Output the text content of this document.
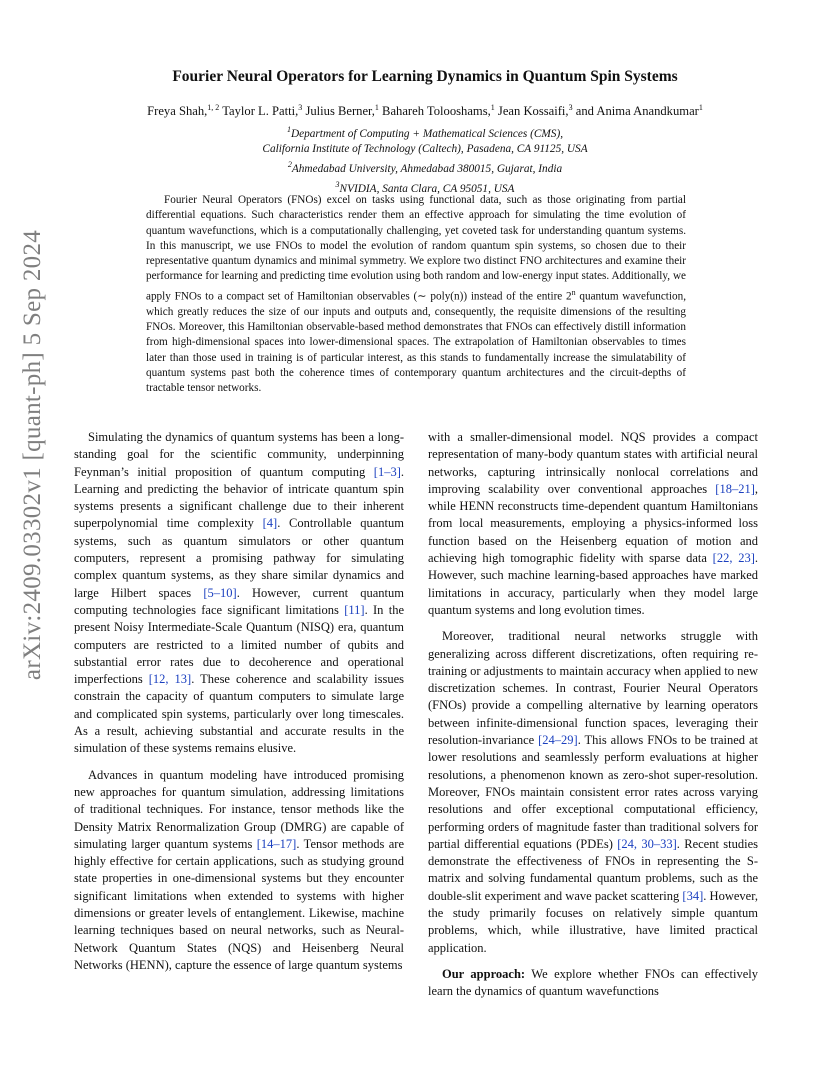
arXiv:2409.03302v1 [quant-ph] 5 Sep 2024
Fourier Neural Operators for Learning Dynamics in Quantum Spin Systems
Freya Shah,$^{1, 2}$ Taylor L. Patti,$^3$ Julius Berner,$^1$ Bahareh Tolooshams,$^1$ Jean Kossaifi,$^3$ and Anima Anandkumar$^1$
$^1$Department of Computing + Mathematical Sciences (CMS),
California Institute of Technology (Caltech), Pasadena, CA 91125, USA
$^2$Ahmedabad University, Ahmedabad 380015, Gujarat, India
$^3$NVIDIA, Santa Clara, CA 95051, USA
Fourier Neural Operators (FNOs) excel on tasks using functional data, such as those originating from partial differential equations. Such characteristics render them an effective approach for simulating the time evolution of quantum wavefunctions, which is a computationally challenging, yet coveted task for understanding quantum systems. In this manuscript, we use FNOs to model the evolution of random quantum spin systems, so chosen due to their representative quantum dynamics and minimal symmetry. We explore two distinct FNO architectures and examine their performance for learning and predicting time evolution using both random and low-energy input states. Additionally, we apply FNOs to a compact set of Hamiltonian observables (∼ poly(n)) instead of the entire 2$^n$ quantum wavefunction, which greatly reduces the size of our inputs and outputs and, consequently, the requisite dimensions of the resulting FNOs. Moreover, this Hamiltonian observable-based method demonstrates that FNOs can effectively distill information from high-dimensional spaces into lower-dimensional spaces. The extrapolation of Hamiltonian observables to times later than those used in training is of particular interest, as this stands to fundamentally increase the simulatability of quantum systems past both the coherence times of contemporary quantum architectures and the circuit-depths of tractable tensor networks.

Simulating the dynamics of quantum systems has been a long-standing goal for the scientific community, underpinning Feynman’s initial proposition of quantum computing [1–3]. Learning and predicting the behavior of intricate quantum spin systems presents a significant challenge due to their inherent superpolynomial time complexity [4]. Controllable quantum systems, such as quantum simulators or other quantum computers, represent a promising pathway for simulating complex quantum systems, as they share similar dynamics and large Hilbert spaces [5–10]. However, current quantum computing technologies face significant limitations [11]. In the present Noisy Intermediate-Scale Quantum (NISQ) era, quantum computers are restricted to a limited number of qubits and substantial error rates due to decoherence and operational imperfections [12, 13]. These coherence and scalability issues constrain the capacity of quantum computers to simulate large and complicated spin systems, particularly over long timescales. As a result, achieving substantial and accurate results in the simulation of these systems remains elusive.

Advances in quantum modeling have introduced promising new approaches for quantum simulation, addressing limitations of traditional techniques. For instance, tensor methods like the Density Matrix Renormalization Group (DMRG) are capable of simulating larger quantum systems [14–17]. Tensor methods are highly effective for certain applications, such as studying ground state properties in one-dimensional systems but they encounter significant limitations when extended to systems with higher dimensions or greater levels of entanglement. Likewise, machine learning techniques based on neural networks, such as Neural-Network Quantum States (NQS) and Heisenberg Neural Networks (HENN), capture the essence of large quantum systems

with a smaller-dimensional model. NQS provides a compact representation of many-body quantum states with artificial neural networks, capturing intrinsically nonlocal correlations and improving scalability over conventional approaches [18–21], while HENN reconstructs time-dependent quantum Hamiltonians from local measurements, employing a physics-informed loss function based on the Heisenberg equation of motion and achieving high tomographic fidelity with sparse data [22, 23]. However, such machine learning-based approaches have marked limitations in accuracy, particularly when they model large quantum systems and long evolution times.

Moreover, traditional neural networks struggle with generalizing across different discretizations, often requiring re-training or adjustments to maintain accuracy when applied to new discretization schemes. In contrast, Fourier Neural Operators (FNOs) provide a compelling alternative by learning operators between infinite-dimensional function spaces, leveraging their resolution-invariance [24–29]. This allows FNOs to be trained at lower resolutions and seamlessly perform evaluations at higher resolutions, a phenomenon known as zero-shot super-resolution. Moreover, FNOs maintain consistent error rates across varying resolutions and offer exceptional computational efficiency, performing orders of magnitude faster than traditional solvers for partial differential equations (PDEs) [24, 30–33]. Recent studies demonstrate the effectiveness of FNOs in representing the S-matrix and solving fundamental quantum problems, such as the double-slit experiment and wave packet scattering [34]. However, the study primarily focuses on relatively simple quantum problems, which, while illustrative, have limited practical application.

Our approach: We explore whether FNOs can effectively learn the dynamics of quantum wavefunctions
